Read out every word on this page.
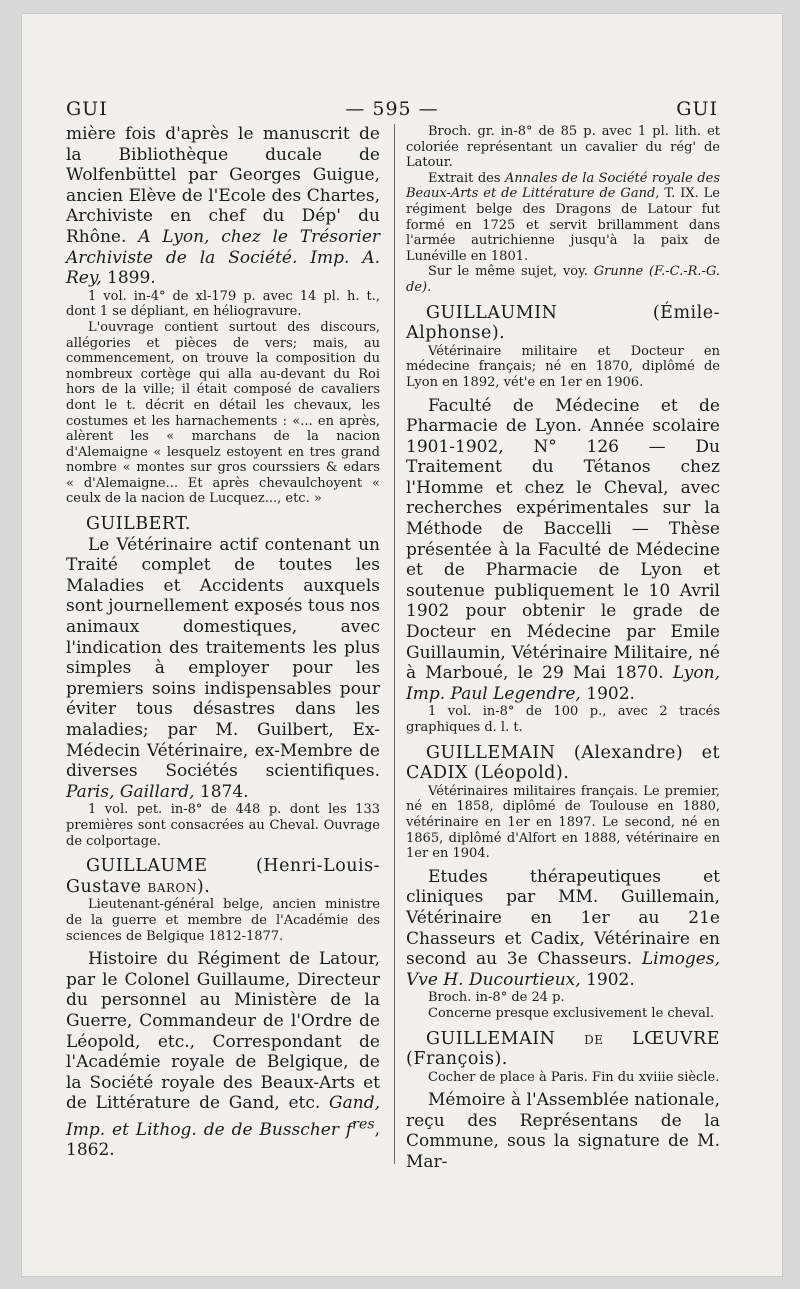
GUI	— 595 —	GUI

mière fois d'après le manuscrit de la Bibliothèque ducale de Wolfenbüttel par Georges Guigue, ancien Elève de l'Ecole des Chartes, Archiviste en chef du Dép' du Rhône. A Lyon, chez le Trésorier Archiviste de la Société. Imp. A. Rey, 1899.

1 vol. in-4° de xl-179 p. avec 14 pl. h. t., dont 1 se dépliant, en héliogravure.

L'ouvrage contient surtout des discours, allégories et pièces de vers; mais, au commencement, on trouve la composition du nombreux cortège qui alla au-devant du Roi hors de la ville; il était composé de cavaliers dont le t. décrit en détail les chevaux, les costumes et les harnachements : «... en après, alèrent les « marchans de la nacion d'Alemaigne « lesquelz estoyent en tres grand nombre « montes sur gros courssiers & edars « d'Alemaigne... Et après chevaulchoyent « ceulx de la nacion de Lucquez..., etc. »

GUILBERT.

Le Vétérinaire actif contenant un Traité complet de toutes les Maladies et Accidents auxquels sont journellement exposés tous nos animaux domestiques, avec l'indication des traitements les plus simples à employer pour les premiers soins indispensables pour éviter tous désastres dans les maladies; par M. Guilbert, Ex-Médecin Vétérinaire, ex-Membre de diverses Sociétés scientifiques. Paris, Gaillard, 1874.

1 vol. pet. in-8° de 448 p. dont les 133 premières sont consacrées au Cheval. Ouvrage de colportage.

GUILLAUME (Henri-Louis-Gustave baron).

Lieutenant-général belge, ancien ministre de la guerre et membre de l'Académie des sciences de Belgique 1812-1877.

Histoire du Régiment de Latour, par le Colonel Guillaume, Directeur du personnel au Ministère de la Guerre, Commandeur de l'Ordre de Léopold, etc., Correspondant de l'Académie royale de Belgique, de la Société royale des Beaux-Arts et de Littérature de Gand, etc. Gand, Imp. et Lithog. de de Busscher $f^{res}$, 1862.

Broch. gr. in-8° de 85 p. avec 1 pl. lith. et coloriée représentant un cavalier du rég' de Latour.

Extrait des Annales de la Société royale des Beaux-Arts et de Littérature de Gand, T. IX. Le régiment belge des Dragons de Latour fut formé en 1725 et servit brillamment dans l'armée autrichienne jusqu'à la paix de Lunéville en 1801.

Sur le même sujet, voy. Grunne (F.-C.-R.-G. de).

GUILLAUMIN (Émile-Alphonse).

Vétérinaire militaire et Docteur en médecine français; né en 1870, diplômé de Lyon en 1892, vét'e en 1er en 1906.

Faculté de Médecine et de Pharmacie de Lyon. Année scolaire 1901-1902, N° 126 — Du Traitement du Tétanos chez l'Homme et chez le Cheval, avec recherches expérimentales sur la Méthode de Baccelli — Thèse présentée à la Faculté de Médecine et de Pharmacie de Lyon et soutenue publiquement le 10 Avril 1902 pour obtenir le grade de Docteur en Médecine par Emile Guillaumin, Vétérinaire Militaire, né à Marboué, le 29 Mai 1870. Lyon, Imp. Paul Legendre, 1902.

1 vol. in-8° de 100 p., avec 2 tracés graphiques d. l. t.

GUILLEMAIN (Alexandre) et CADIX (Léopold).

Vétérinaires militaires français. Le premier, né en 1858, diplômé de Toulouse en 1880, vétérinaire en 1er en 1897. Le second, né en 1865, diplômé d'Alfort en 1888, vétérinaire en 1er en 1904.

Etudes thérapeutiques et cliniques par MM. Guillemain, Vétérinaire en 1er au 21e Chasseurs et Cadix, Vétérinaire en second au 3e Chasseurs. Limoges, Vve H. Ducourtieux, 1902.

Broch. in-8° de 24 p.

Concerne presque exclusivement le cheval.

GUILLEMAIN de LŒUVRE (François).

Cocher de place à Paris. Fin du xviiie siècle.

Mémoire à l'Assemblée nationale, reçu des Représentans de la Commune, sous la signature de M. Mar-
